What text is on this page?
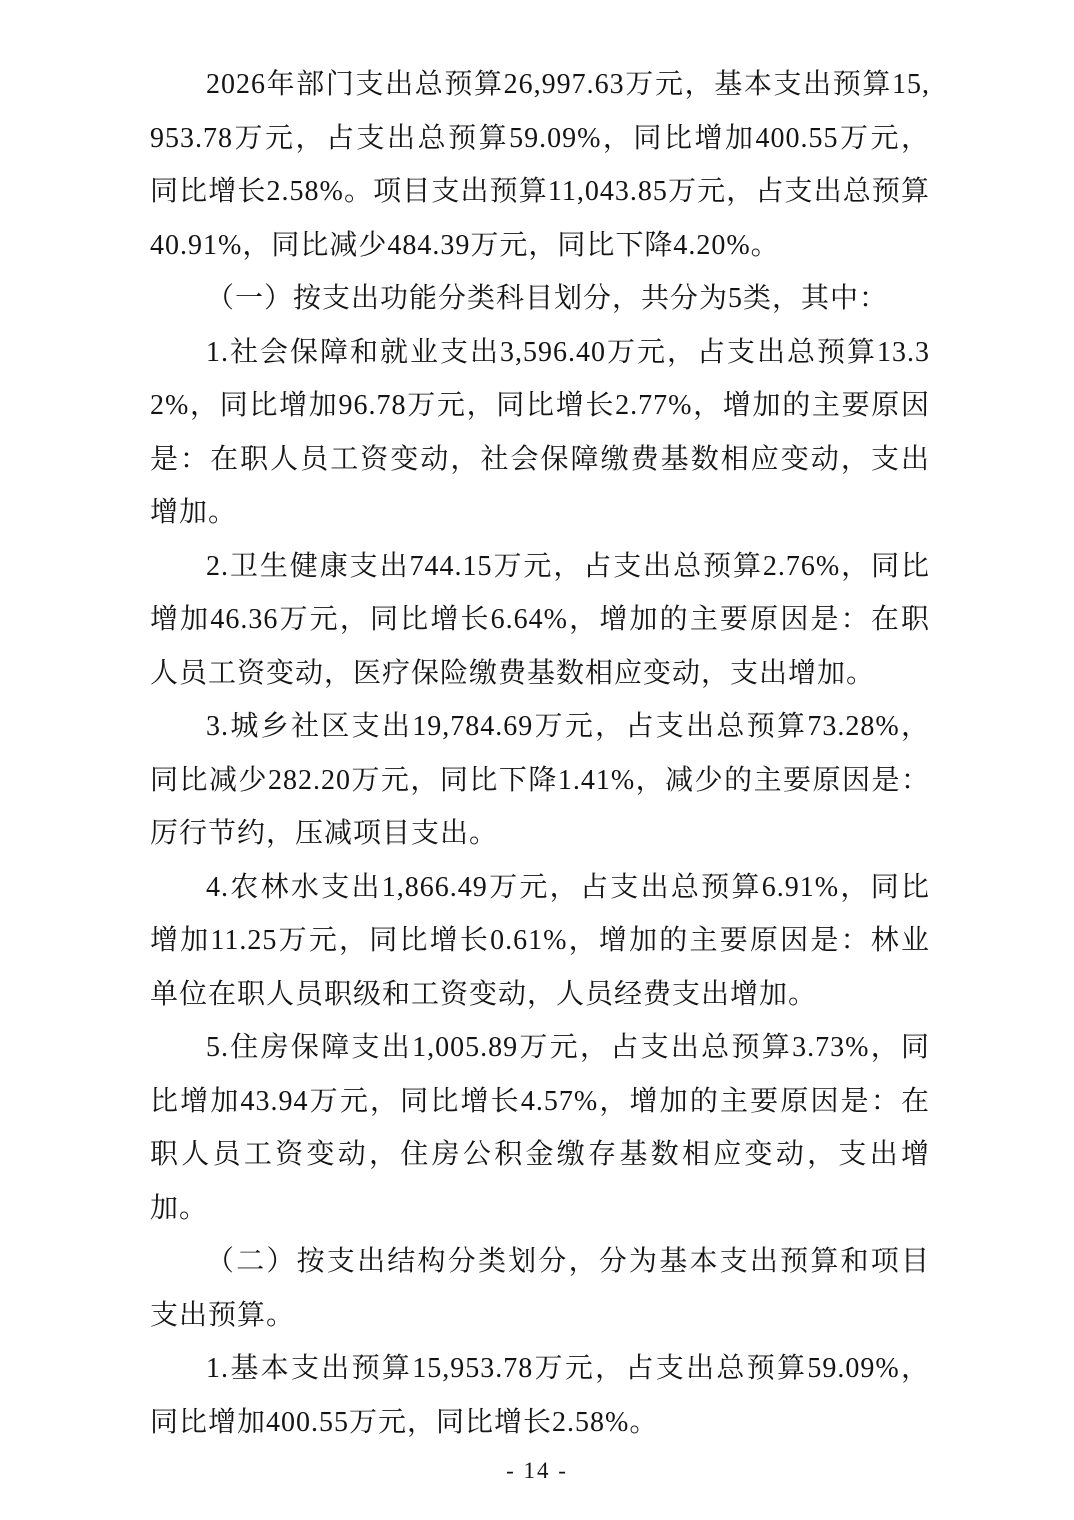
2026年部门支出总预算26,997.63万元，基本支出预算15,953.78万元，占支出总预算59.09%，同比增加400.55万元，同比增长2.58%。项目支出预算11,043.85万元，占支出总预算40.91%，同比减少484.39万元，同比下降4.20%。

（一）按支出功能分类科目划分，共分为5类，其中：

1.社会保障和就业支出3,596.40万元，占支出总预算13.32%，同比增加96.78万元，同比增长2.77%，增加的主要原因是：在职人员工资变动，社会保障缴费基数相应变动，支出增加。

2.卫生健康支出744.15万元，占支出总预算2.76%，同比增加46.36万元，同比增长6.64%，增加的主要原因是：在职人员工资变动，医疗保险缴费基数相应变动，支出增加。

3.城乡社区支出19,784.69万元，占支出总预算73.28%，同比减少282.20万元，同比下降1.41%，减少的主要原因是：厉行节约，压减项目支出。

4.农林水支出1,866.49万元，占支出总预算6.91%，同比增加11.25万元，同比增长0.61%，增加的主要原因是：林业单位在职人员职级和工资变动，人员经费支出增加。

5.住房保障支出1,005.89万元，占支出总预算3.73%，同比增加43.94万元，同比增长4.57%，增加的主要原因是：在职人员工资变动，住房公积金缴存基数相应变动，支出增加。

（二）按支出结构分类划分，分为基本支出预算和项目支出预算。

1.基本支出预算15,953.78万元，占支出总预算59.09%，同比增加400.55万元，同比增长2.58%。

- 14 -
